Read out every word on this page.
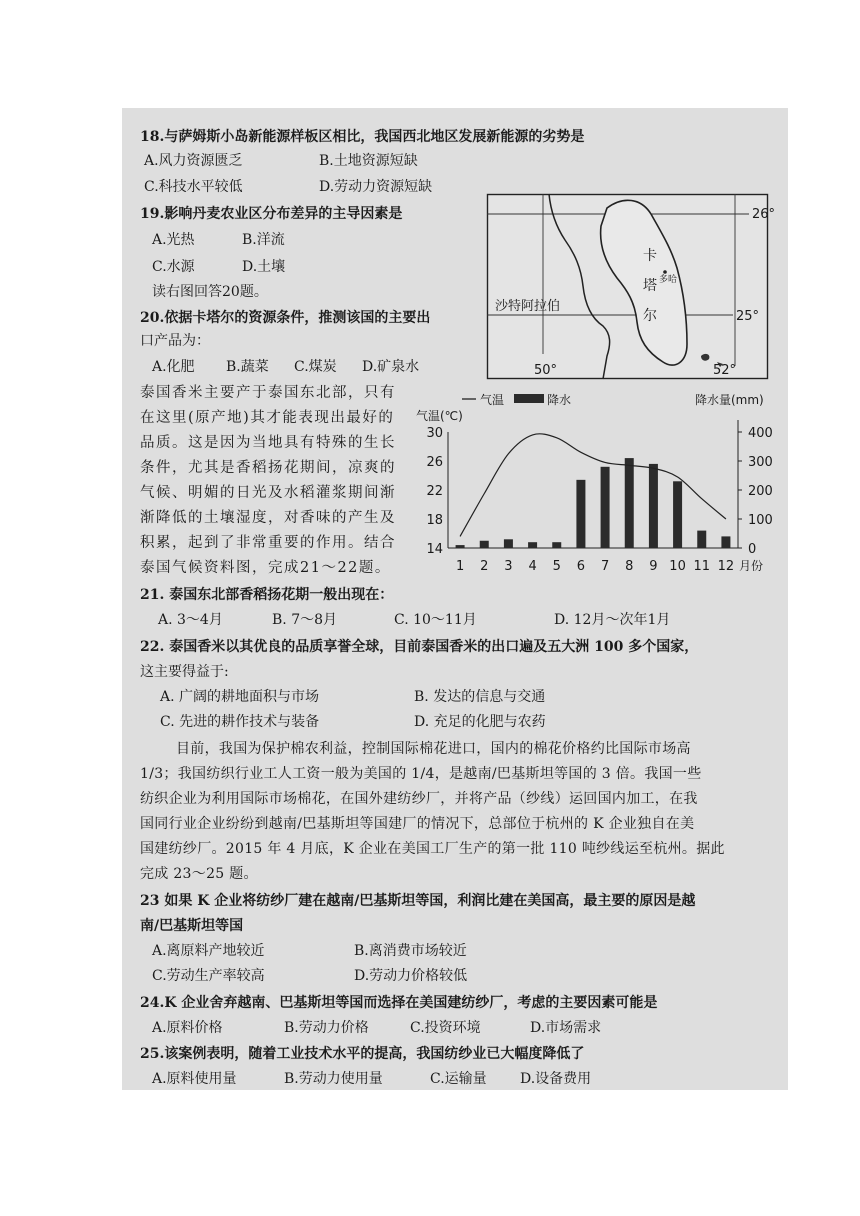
18.与萨姆斯小岛新能源样板区相比，我国西北地区发展新能源的劣势是
A.风力资源匮乏	B.土地资源短缺
C.科技水平较低	D.劳动力资源短缺
19.影响丹麦农业区分布差异的主导因素是
A.光热	B.洋流
C.水源	D.土壤
读右图回答20题。
20.依据卡塔尔的资源条件，推测该国的主要出
口产品为：
A.化肥 B.蔬菜 C.煤炭 D.矿泉水
泰国香米主要产于泰国东北部，只有
在这里(原产地)其才能表现出最好的
品质。这是因为当地具有特殊的生长
条件，尤其是香稻扬花期间，凉爽的
气候、明媚的日光及水稻灌浆期间渐
渐降低的土壤湿度，对香味的产生及
积累，起到了非常重要的作用。结合
泰国气候资料图，完成21～22题。
21. 泰国东北部香稻扬花期一般出现在：
A. 3～4月	B. 7～8月	C. 10～11月	D. 12月～次年1月
22. 泰国香米以其优良的品质享誉全球，目前泰国香米的出口遍及五大洲 100 多个国家，
这主要得益于:
A. 广阔的耕地面积与市场	B. 发达的信息与交通
C. 先进的耕作技术与装备	D. 充足的化肥与农药
目前，我国为保护棉农利益，控制国际棉花进口，国内的棉花价格约比国际市场高
1/3；我国纺织行业工人工资一般为美国的 1/4，是越南/巴基斯坦等国的 3 倍。我国一些
纺织企业为利用国际市场棉花，在国外建纺纱厂，并将产品（纱线）运回国内加工，在我
国同行业企业纷纷到越南/巴基斯坦等国建厂的情况下，总部位于杭州的 K 企业独自在美
国建纺纱厂。2015 年 4 月底，K 企业在美国工厂生产的第一批 110 吨纱线运至杭州。据此
完成 23～25 题。
23 如果 K 企业将纺纱厂建在越南/巴基斯坦等国，利润比建在美国高，最主要的原因是越
南/巴基斯坦等国
A.离原料产地较近	B.离消费市场较近
C.劳动生产率较高	D.劳动力价格较低
24.K 企业舍弃越南、巴基斯坦等国而选择在美国建纺纱厂，考虑的主要因素可能是
A.原料价格	B.劳动力价格	C.投资环境	D.市场需求
25.该案例表明，随着工业技术水平的提高，我国纺纱业已大幅度降低了
A.原料使用量	B.劳动力使用量	C.运输量 D.设备费用
26°
25°
50°	52°
卡
塔
尔
多哈
沙特阿拉伯
气温	降水	降水量(mm)
气温(℃)
14
18
22
26
30
0
100
200
300
400
1 2 3 4 5 6 7 8 9 10 11 12 月份
